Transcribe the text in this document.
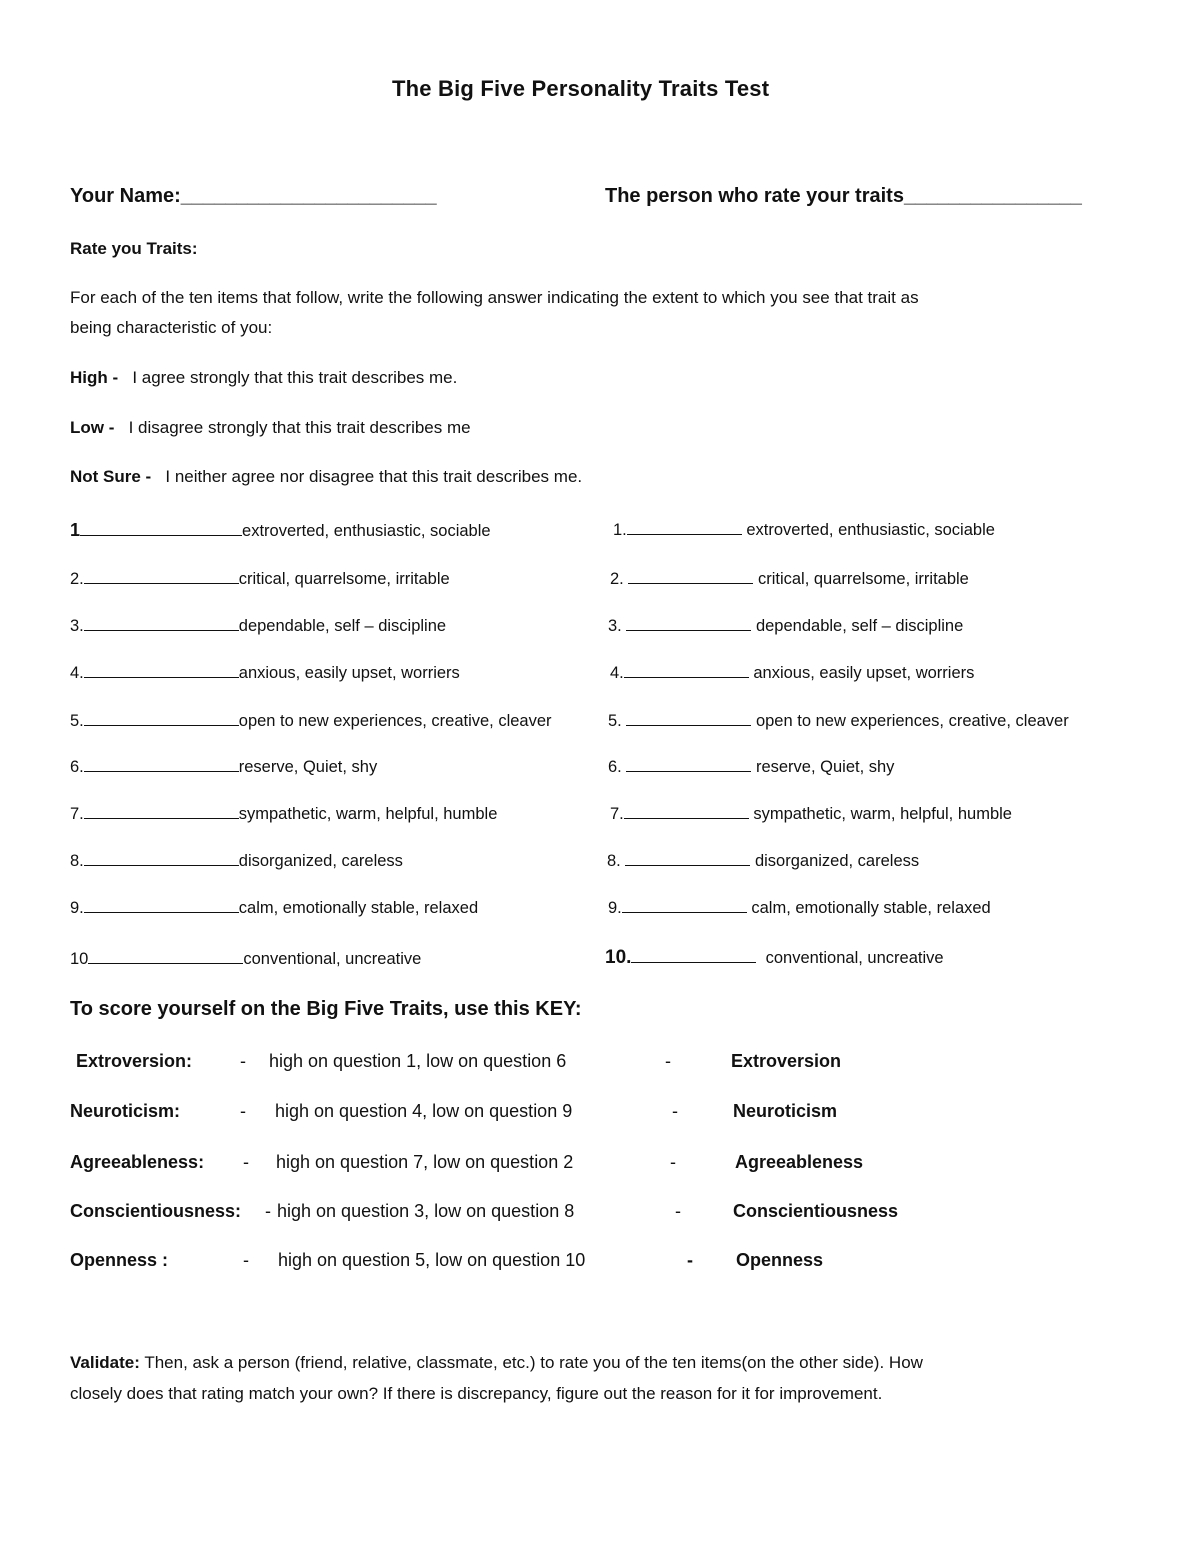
The Big Five Personality Traits Test
Your Name:_______________________	The person who rate your traits________________
Rate you Traits:
For each of the ten items that follow, write the following answer indicating the extent to which you see that trait as
being characteristic of you:
High - I agree strongly that this trait describes me.
Low - I disagree strongly that this trait describes me
Not Sure - I neither agree nor disagree that this trait describes me.
1	extroverted, enthusiastic, sociable
2.	critical, quarrelsome, irritable
3.	dependable, self – discipline
4.	anxious, easily upset, worriers
5.	open to new experiences, creative, cleaver
6.	reserve, Quiet, shy
7.	sympathetic, warm, helpful, humble
8.	disorganized, careless
9.	calm, emotionally stable, relaxed
10	conventional, uncreative
1.	extroverted, enthusiastic, sociable
2.	critical, quarrelsome, irritable
3.	dependable, self – discipline
4.	anxious, easily upset, worriers
5.	open to new experiences, creative, cleaver
6.	reserve, Quiet, shy
7.	sympathetic, warm, helpful, humble
8.	disorganized, careless
9.	calm, emotionally stable, relaxed
10.	conventional, uncreative
To score yourself on the Big Five Traits, use this KEY:
Extroversion:	- high on question 1, low on question 6	-	Extroversion
Neuroticism:	- high on question 4, low on question 9	-	Neuroticism
Agreeableness: - high on question 7, low on question 2	-	Agreeableness
Conscientiousness: - high on question 3, low on question 8	-	Conscientiousness
Openness :	- high on question 5, low on question 10	- Openness
Validate: Then, ask a person (friend, relative, classmate, etc.) to rate you of the ten items(on the other side). How
closely does that rating match your own? If there is discrepancy, figure out the reason for it for improvement.
